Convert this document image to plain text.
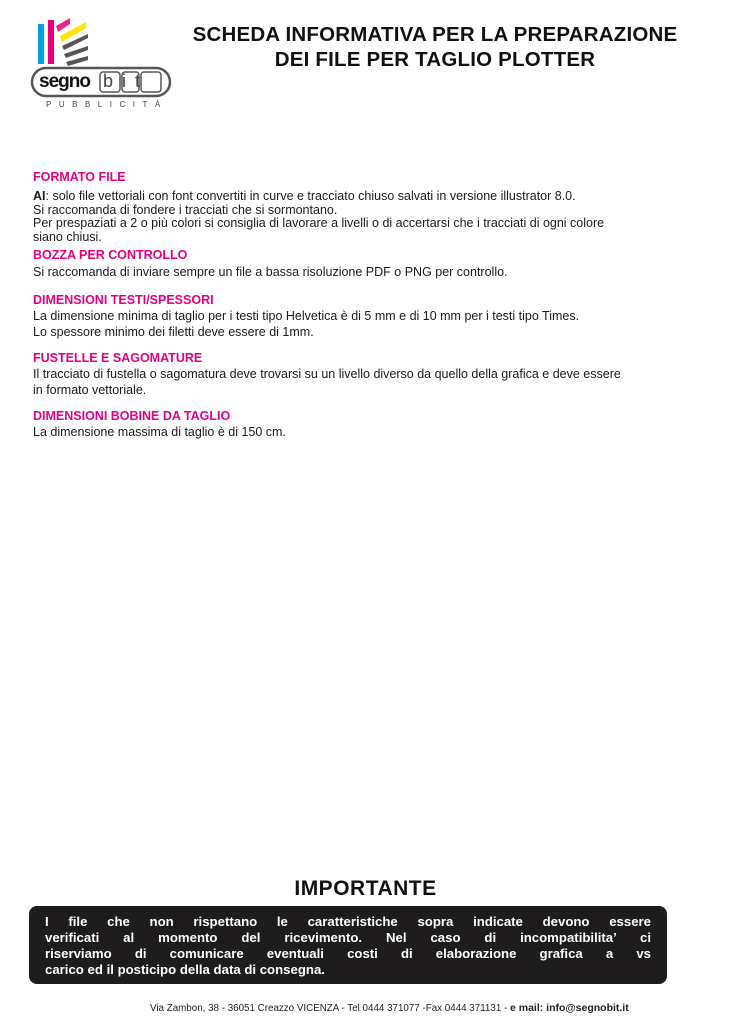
segno bit
PUBBLICITÀ
SCHEDA INFORMATIVA PER LA PREPARAZIONE
DEI FILE PER TAGLIO PLOTTER
FORMATO FILE
AI: solo file vettoriali con font convertiti in curve e tracciato chiuso salvati in versione illustrator 8.0.
Si raccomanda di fondere i tracciati che si sormontano.
Per prespaziati a 2 o più colori si consiglia di lavorare a livelli o di accertarsi che i tracciati di ogni colore
siano chiusi.
BOZZA PER CONTROLLO
Si raccomanda di inviare sempre un file a bassa risoluzione PDF o PNG per controllo.
DIMENSIONI TESTI/SPESSORI
La dimensione minima di taglio per i testi tipo Helvetica è di 5 mm e di 10 mm per i testi tipo Times.
Lo spessore minimo dei filetti deve essere di 1mm.
FUSTELLE E SAGOMATURE
Il tracciato di fustella o sagomatura deve trovarsi su un livello diverso da quello della grafica e deve essere
in formato vettoriale.
DIMENSIONI BOBINE DA TAGLIO
La dimensione massima di taglio è di 150 cm.
IMPORTANTE
I file che non rispettano le caratteristiche sopra indicate devono essere
verificati al momento del ricevimento. Nel caso di incompatibilita’ ci
riserviamo di comunicare eventuali costi di elaborazione grafica a vs
carico ed il posticipo della data di consegna.
Via Zambon, 38 - 36051 Creazzo VICENZA - Tel 0444 371077 -Fax 0444 371131 - e mail: info@segnobit.it
